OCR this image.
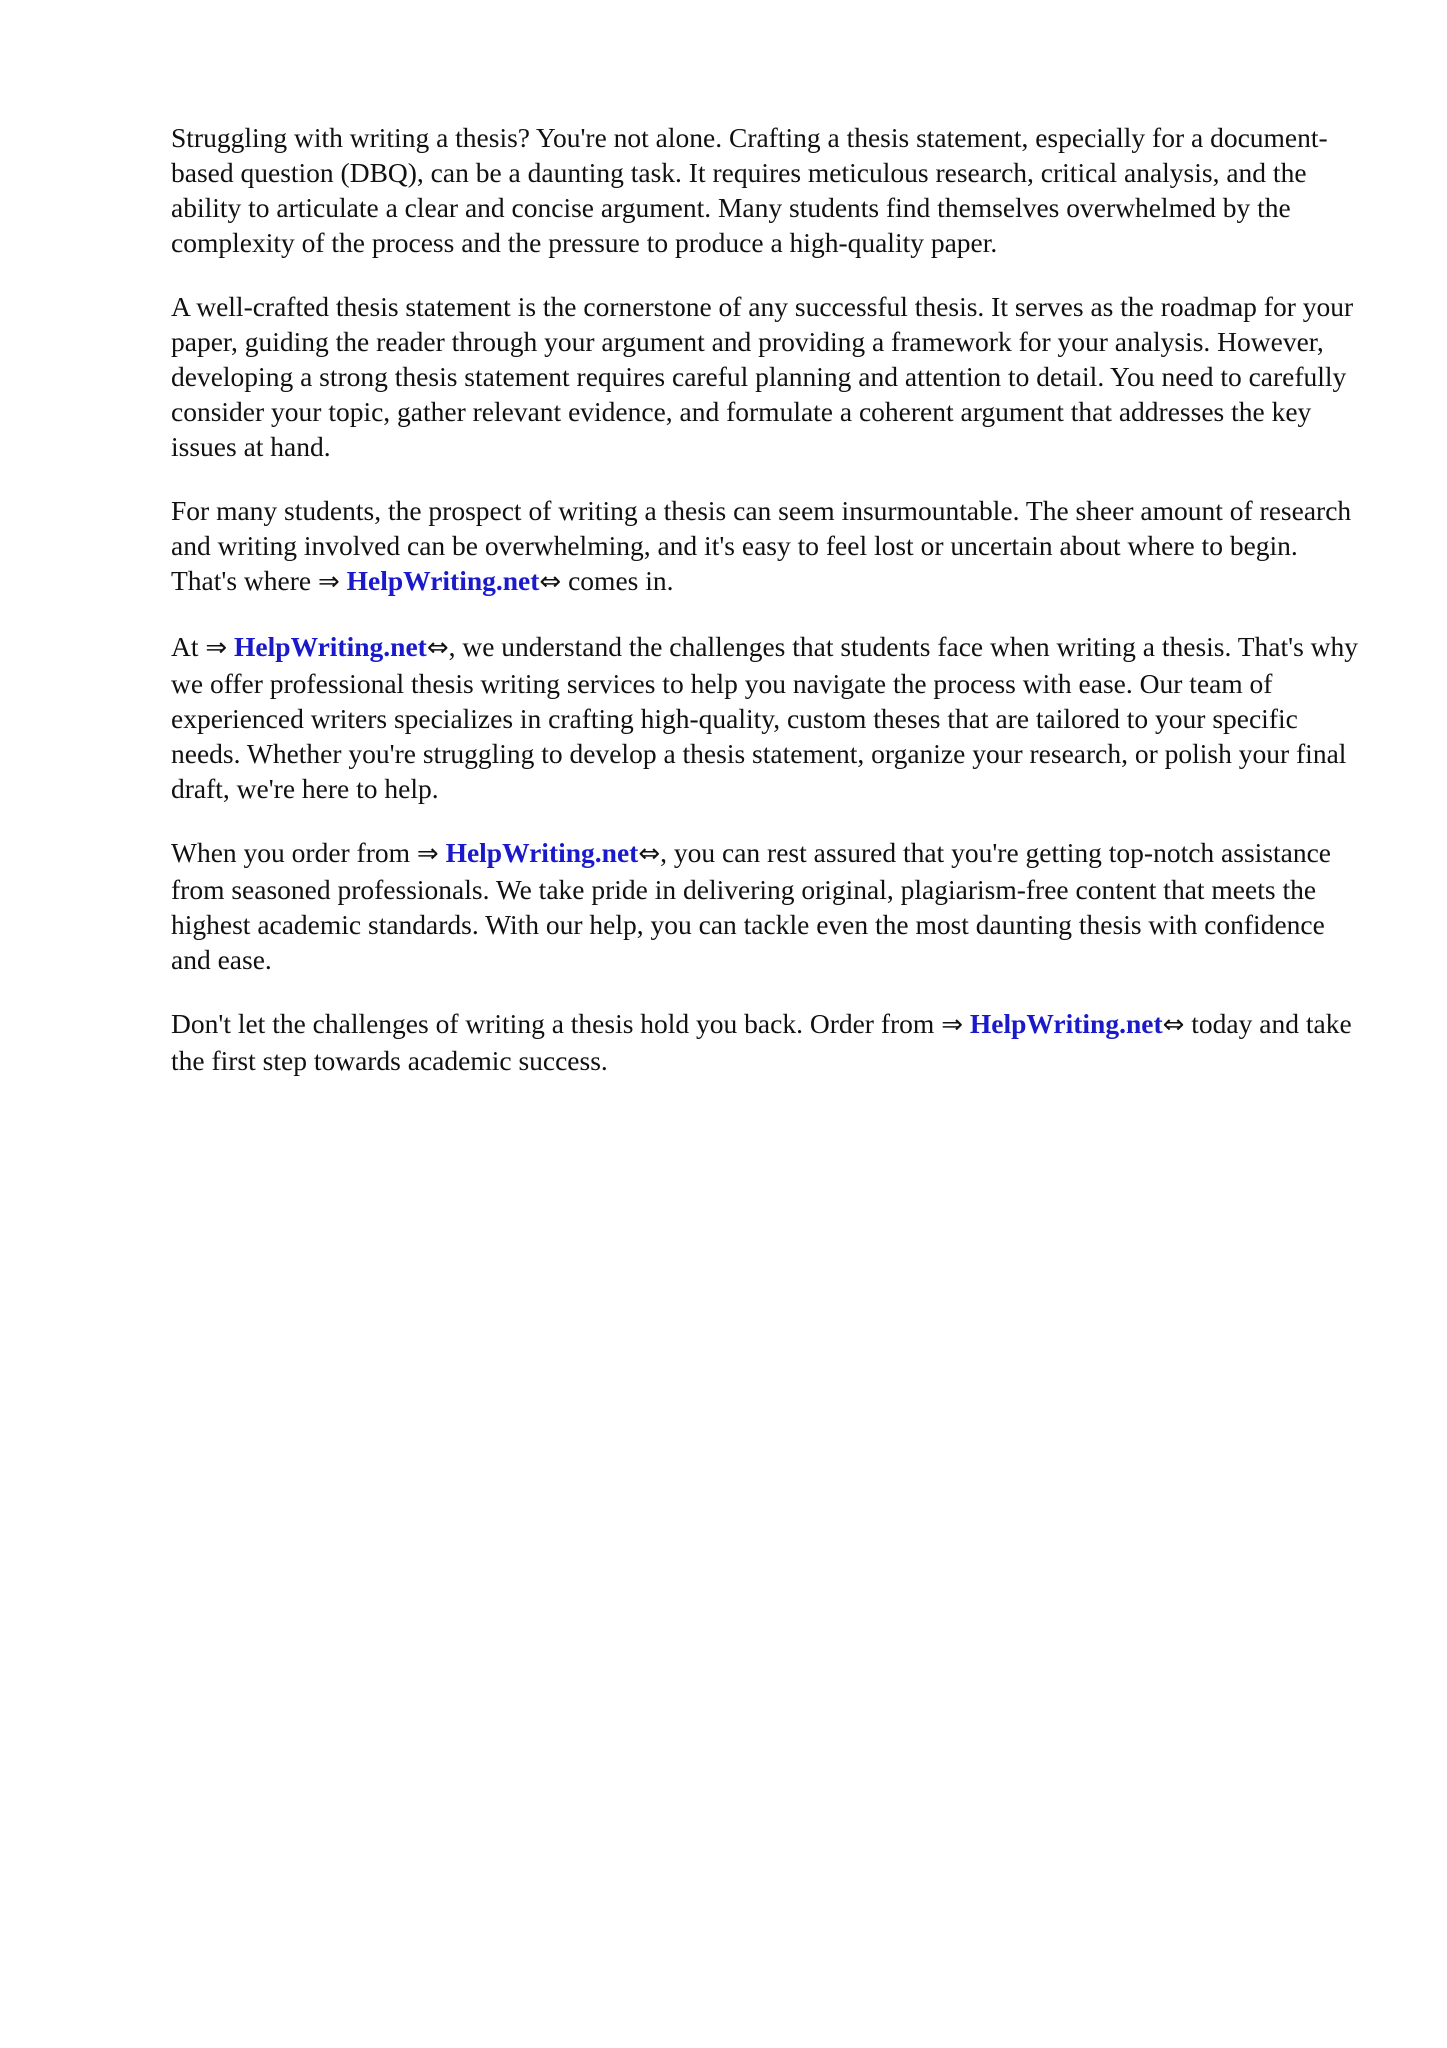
Struggling with writing a thesis? You're not alone. Crafting a thesis statement, especially for a document-based question (DBQ), can be a daunting task. It requires meticulous research, critical analysis, and the ability to articulate a clear and concise argument. Many students find themselves overwhelmed by the complexity of the process and the pressure to produce a high-quality paper.

A well-crafted thesis statement is the cornerstone of any successful thesis. It serves as the roadmap for your paper, guiding the reader through your argument and providing a framework for your analysis. However, developing a strong thesis statement requires careful planning and attention to detail. You need to carefully consider your topic, gather relevant evidence, and formulate a coherent argument that addresses the key issues at hand.

For many students, the prospect of writing a thesis can seem insurmountable. The sheer amount of research and writing involved can be overwhelming, and it's easy to feel lost or uncertain about where to begin. That's where ⇒ HelpWriting.net⇔ comes in.

At ⇒ HelpWriting.net⇔, we understand the challenges that students face when writing a thesis. That's why we offer professional thesis writing services to help you navigate the process with ease. Our team of experienced writers specializes in crafting high-quality, custom theses that are tailored to your specific needs. Whether you're struggling to develop a thesis statement, organize your research, or polish your final draft, we're here to help.

When you order from ⇒ HelpWriting.net⇔, you can rest assured that you're getting top-notch assistance from seasoned professionals. We take pride in delivering original, plagiarism-free content that meets the highest academic standards. With our help, you can tackle even the most daunting thesis with confidence and ease.

Don't let the challenges of writing a thesis hold you back. Order from ⇒ HelpWriting.net⇔ today and take the first step towards academic success.
